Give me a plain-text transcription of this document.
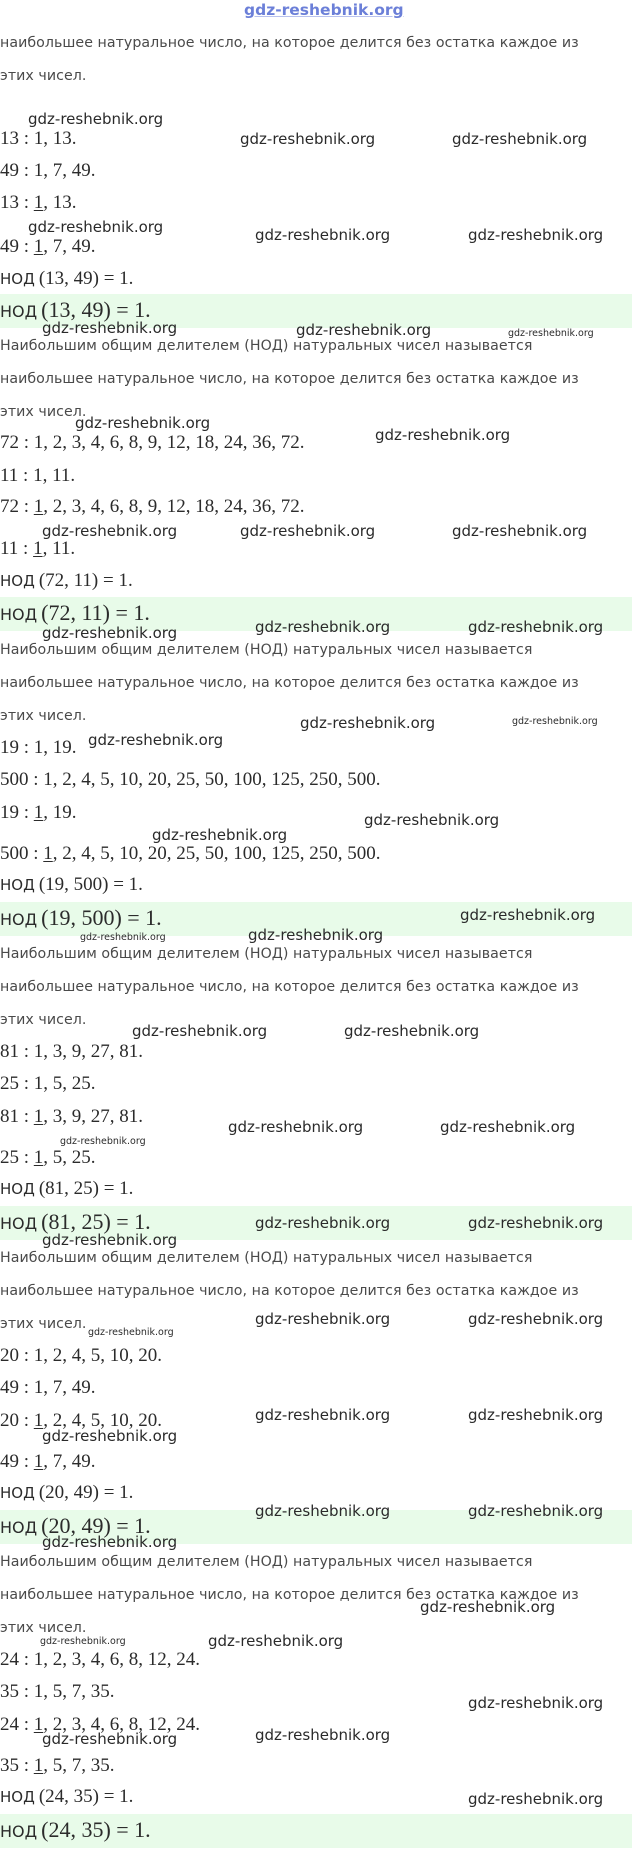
gdz-reshebnik.org
наибольшее натуральное число, на которое делится без остатка каждое из
этих чисел.
13 : 1, 13.
49 : 1, 7, 49.
13 : 1, 13.
49 : 1, 7, 49.
НОД (13, 49) = 1.
НОД (13, 49) = 1.
Наибольшим общим делителем (НОД) натуральных чисел называется
наибольшее натуральное число, на которое делится без остатка каждое из
этих чисел.
72 : 1, 2, 3, 4, 6, 8, 9, 12, 18, 24, 36, 72.
11 : 1, 11.
72 : 1, 2, 3, 4, 6, 8, 9, 12, 18, 24, 36, 72.
11 : 1, 11.
НОД (72, 11) = 1.
НОД (72, 11) = 1.
Наибольшим общим делителем (НОД) натуральных чисел называется
наибольшее натуральное число, на которое делится без остатка каждое из
этих чисел.
19 : 1, 19.
500 : 1, 2, 4, 5, 10, 20, 25, 50, 100, 125, 250, 500.
19 : 1, 19.
500 : 1, 2, 4, 5, 10, 20, 25, 50, 100, 125, 250, 500.
НОД (19, 500) = 1.
НОД (19, 500) = 1.
Наибольшим общим делителем (НОД) натуральных чисел называется
наибольшее натуральное число, на которое делится без остатка каждое из
этих чисел.
81 : 1, 3, 9, 27, 81.
25 : 1, 5, 25.
81 : 1, 3, 9, 27, 81.
25 : 1, 5, 25.
НОД (81, 25) = 1.
НОД (81, 25) = 1.
Наибольшим общим делителем (НОД) натуральных чисел называется
наибольшее натуральное число, на которое делится без остатка каждое из
этих чисел.
20 : 1, 2, 4, 5, 10, 20.
49 : 1, 7, 49.
20 : 1, 2, 4, 5, 10, 20.
49 : 1, 7, 49.
НОД (20, 49) = 1.
НОД (20, 49) = 1.
Наибольшим общим делителем (НОД) натуральных чисел называется
наибольшее натуральное число, на которое делится без остатка каждое из
этих чисел.
24 : 1, 2, 3, 4, 6, 8, 12, 24.
35 : 1, 5, 7, 35.
24 : 1, 2, 3, 4, 6, 8, 12, 24.
35 : 1, 5, 7, 35.
НОД (24, 35) = 1.
НОД (24, 35) = 1.
gdz-reshebnik.org
gdz-reshebnik.org	gdz-reshebnik.org
gdz-reshebnik.org	gdz-reshebnik.org	gdz-reshebnik.org
gdz-reshebnik.org	gdz-reshebnik.org	gdz-reshebnik.org
gdz-reshebnik.org
gdz-reshebnik.org
gdz-reshebnik.org	gdz-reshebnik.org	gdz-reshebnik.org
gdz-reshebnik.org	gdz-reshebnik.org	gdz-reshebnik.org
gdz-reshebnik.org	gdz-reshebnik.org
gdz-reshebnik.org
gdz-reshebnik.org
gdz-reshebnik.org
gdz-reshebnik.org
gdz-reshebnik.org	gdz-reshebnik.org
gdz-reshebnik.org	gdz-reshebnik.org
gdz-reshebnik.org	gdz-reshebnik.org
gdz-reshebnik.org
gdz-reshebnik.org	gdz-reshebnik.org
gdz-reshebnik.org
gdz-reshebnik.org	gdz-reshebnik.org
gdz-reshebnik.org
gdz-reshebnik.org	gdz-reshebnik.org
gdz-reshebnik.org
gdz-reshebnik.org	gdz-reshebnik.org
gdz-reshebnik.org
gdz-reshebnik.org
gdz-reshebnik.org	gdz-reshebnik.org
gdz-reshebnik.org
gdz-reshebnik.org	gdz-reshebnik.org
gdz-reshebnik.org
